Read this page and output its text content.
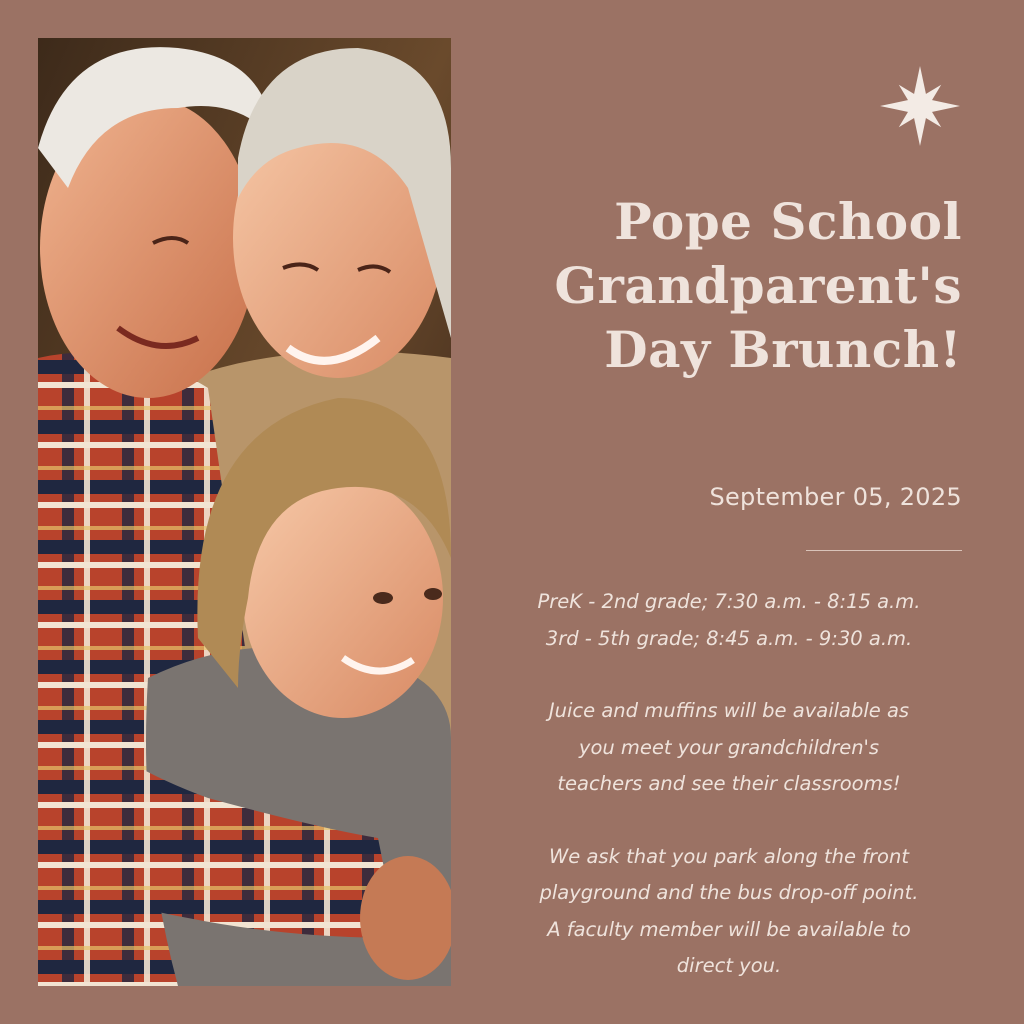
Pope School
Grandparent's
Day Brunch!
September 05, 2025

PreK - 2nd grade; 7:30 a.m. - 8:15 a.m.

3rd - 5th grade; 8:45 a.m. - 9:30 a.m.

Juice and muffins will be available as

you meet your grandchildren's

teachers and see their classrooms!

We ask that you park along the front

playground and the bus drop-off point.

A faculty member will be available to

direct you.
